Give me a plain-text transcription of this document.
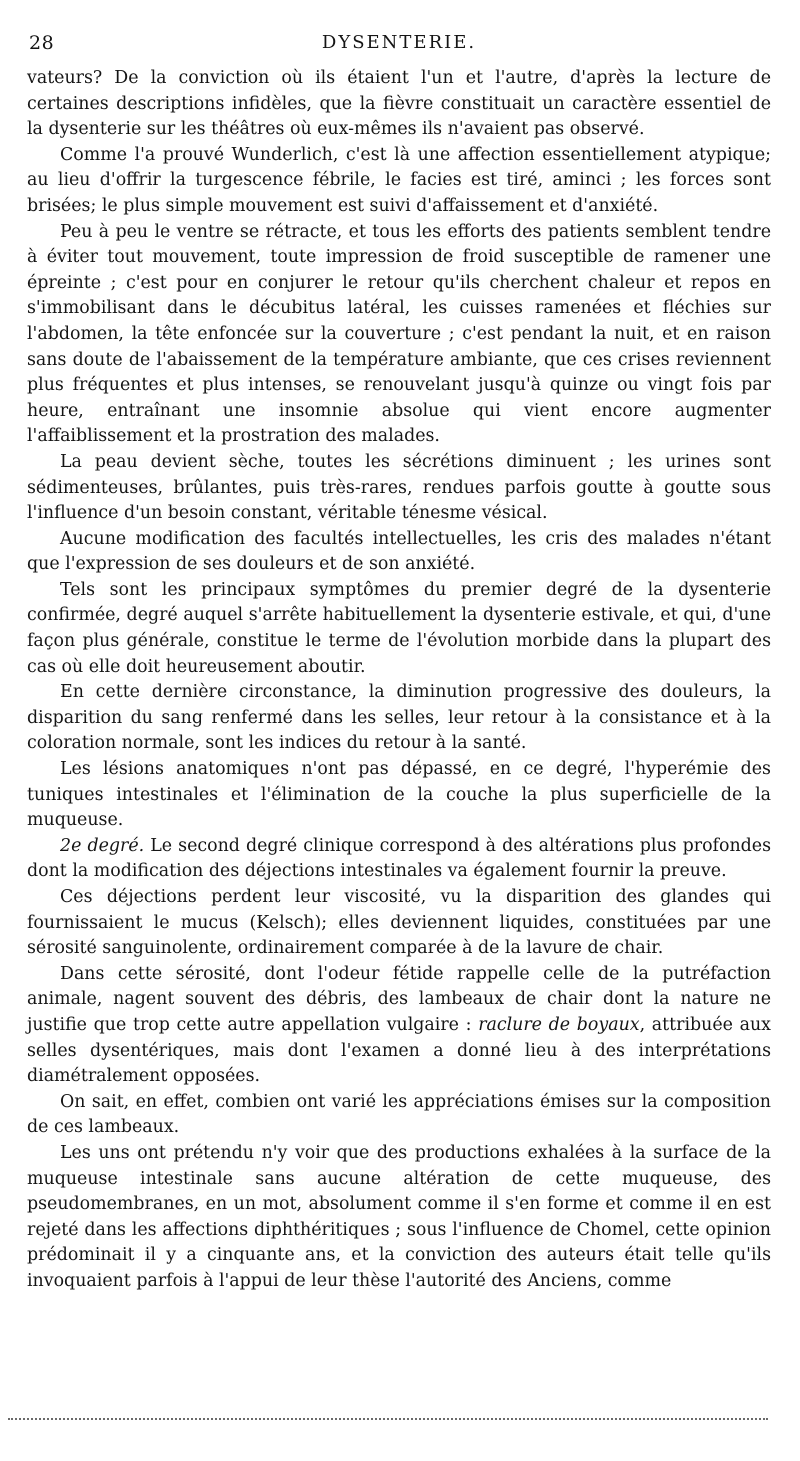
28	DYSENTERIE.

vateurs? De la conviction où ils étaient l'un et l'autre, d'après la lecture de certaines descriptions infidèles, que la fièvre constituait un caractère essentiel de la dysenterie sur les théâtres où eux-mêmes ils n'avaient pas observé.

Comme l'a prouvé Wunderlich, c'est là une affection essentiellement atypique; au lieu d'offrir la turgescence fébrile, le facies est tiré, aminci ; les forces sont brisées; le plus simple mouvement est suivi d'affaissement et d'anxiété.

Peu à peu le ventre se rétracte, et tous les efforts des patients semblent tendre à éviter tout mouvement, toute impression de froid susceptible de ramener une épreinte ; c'est pour en conjurer le retour qu'ils cherchent chaleur et repos en s'immobilisant dans le décubitus latéral, les cuisses ramenées et fléchies sur l'abdomen, la tête enfoncée sur la couverture ; c'est pendant la nuit, et en raison sans doute de l'abaissement de la température ambiante, que ces crises reviennent plus fréquentes et plus intenses, se renouvelant jusqu'à quinze ou vingt fois par heure, entraînant une insomnie absolue qui vient encore augmenter l'affaiblissement et la prostration des malades.

La peau devient sèche, toutes les sécrétions diminuent ; les urines sont sédimenteuses, brûlantes, puis très-rares, rendues parfois goutte à goutte sous l'influence d'un besoin constant, véritable ténesme vésical.

Aucune modification des facultés intellectuelles, les cris des malades n'étant que l'expression de ses douleurs et de son anxiété.

Tels sont les principaux symptômes du premier degré de la dysenterie confirmée, degré auquel s'arrête habituellement la dysenterie estivale, et qui, d'une façon plus générale, constitue le terme de l'évolution morbide dans la plupart des cas où elle doit heureusement aboutir.

En cette dernière circonstance, la diminution progressive des douleurs, la disparition du sang renfermé dans les selles, leur retour à la consistance et à la coloration normale, sont les indices du retour à la santé.

Les lésions anatomiques n'ont pas dépassé, en ce degré, l'hyperémie des tuniques intestinales et l'élimination de la couche la plus superficielle de la muqueuse.

2e degré. Le second degré clinique correspond à des altérations plus profondes dont la modification des déjections intestinales va également fournir la preuve.

Ces déjections perdent leur viscosité, vu la disparition des glandes qui fournissaient le mucus (Kelsch); elles deviennent liquides, constituées par une sérosité sanguinolente, ordinairement comparée à de la lavure de chair.

Dans cette sérosité, dont l'odeur fétide rappelle celle de la putréfaction animale, nagent souvent des débris, des lambeaux de chair dont la nature ne justifie que trop cette autre appellation vulgaire : raclure de boyaux, attribuée aux selles dysentériques, mais dont l'examen a donné lieu à des interprétations diamétralement opposées.

On sait, en effet, combien ont varié les appréciations émises sur la composition de ces lambeaux.

Les uns ont prétendu n'y voir que des productions exhalées à la surface de la muqueuse intestinale sans aucune altération de cette muqueuse, des pseudomembranes, en un mot, absolument comme il s'en forme et comme il en est rejeté dans les affections diphthéritiques ; sous l'influence de Chomel, cette opinion prédominait il y a cinquante ans, et la conviction des auteurs était telle qu'ils invoquaient parfois à l'appui de leur thèse l'autorité des Anciens, comme
